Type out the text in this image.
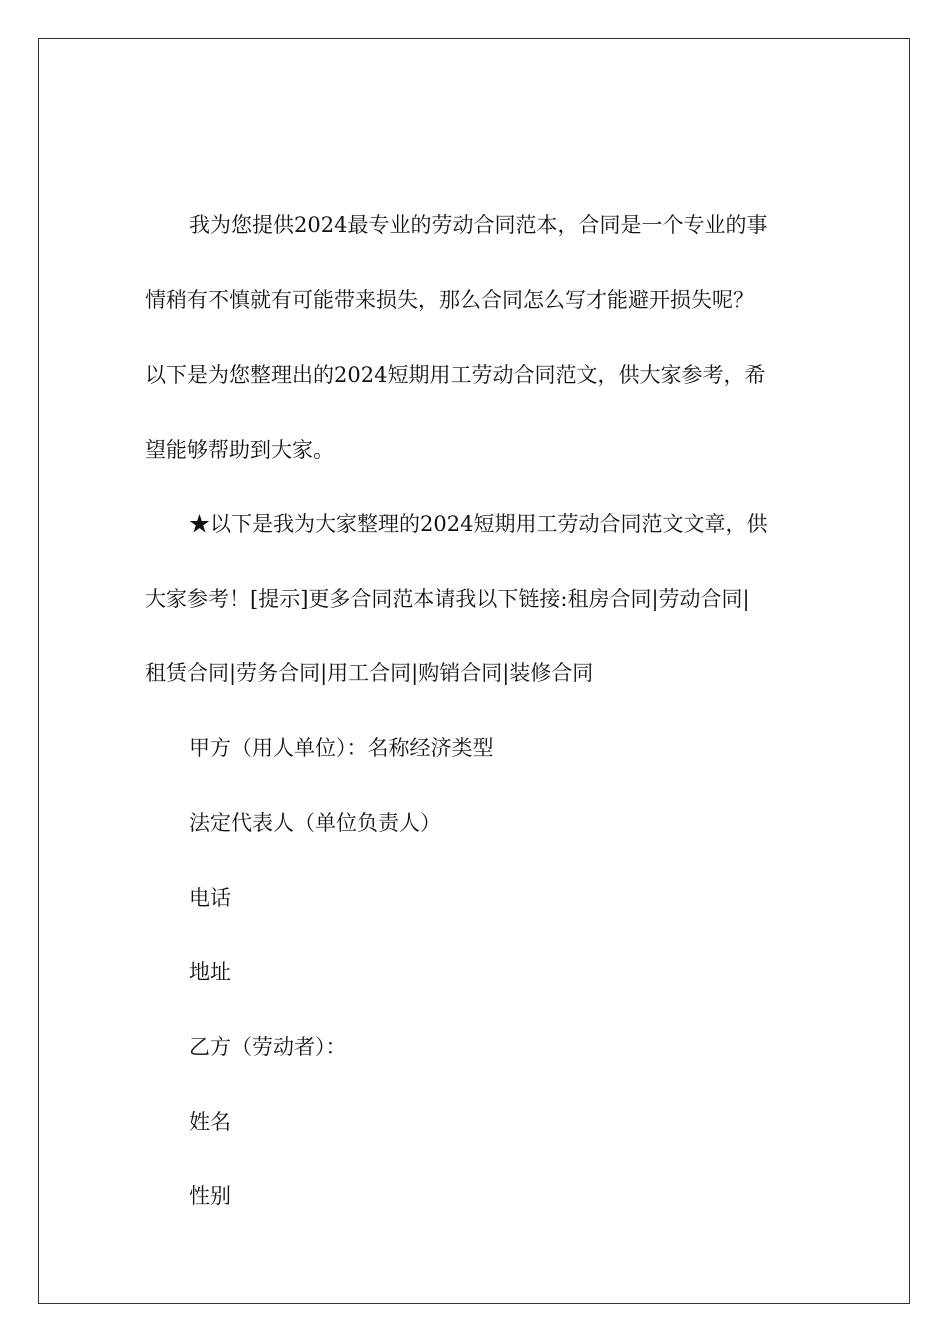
我为您提供2024最专业的劳动合同范本，合同是一个专业的事
情稍有不慎就有可能带来损失，那么合同怎么写才能避开损失呢？
以下是为您整理出的2024短期用工劳动合同范文，供大家参考，希
望能够帮助到大家。
★以下是我为大家整理的2024短期用工劳动合同范文文章，供
大家参考！[提示]更多合同范本请我以下链接:租房合同|劳动合同|
租赁合同|劳务合同|用工合同|购销合同|装修合同
甲方（用人单位）：名称经济类型
法定代表人（单位负责人）
电话
地址
乙方（劳动者）：
姓名
性别
